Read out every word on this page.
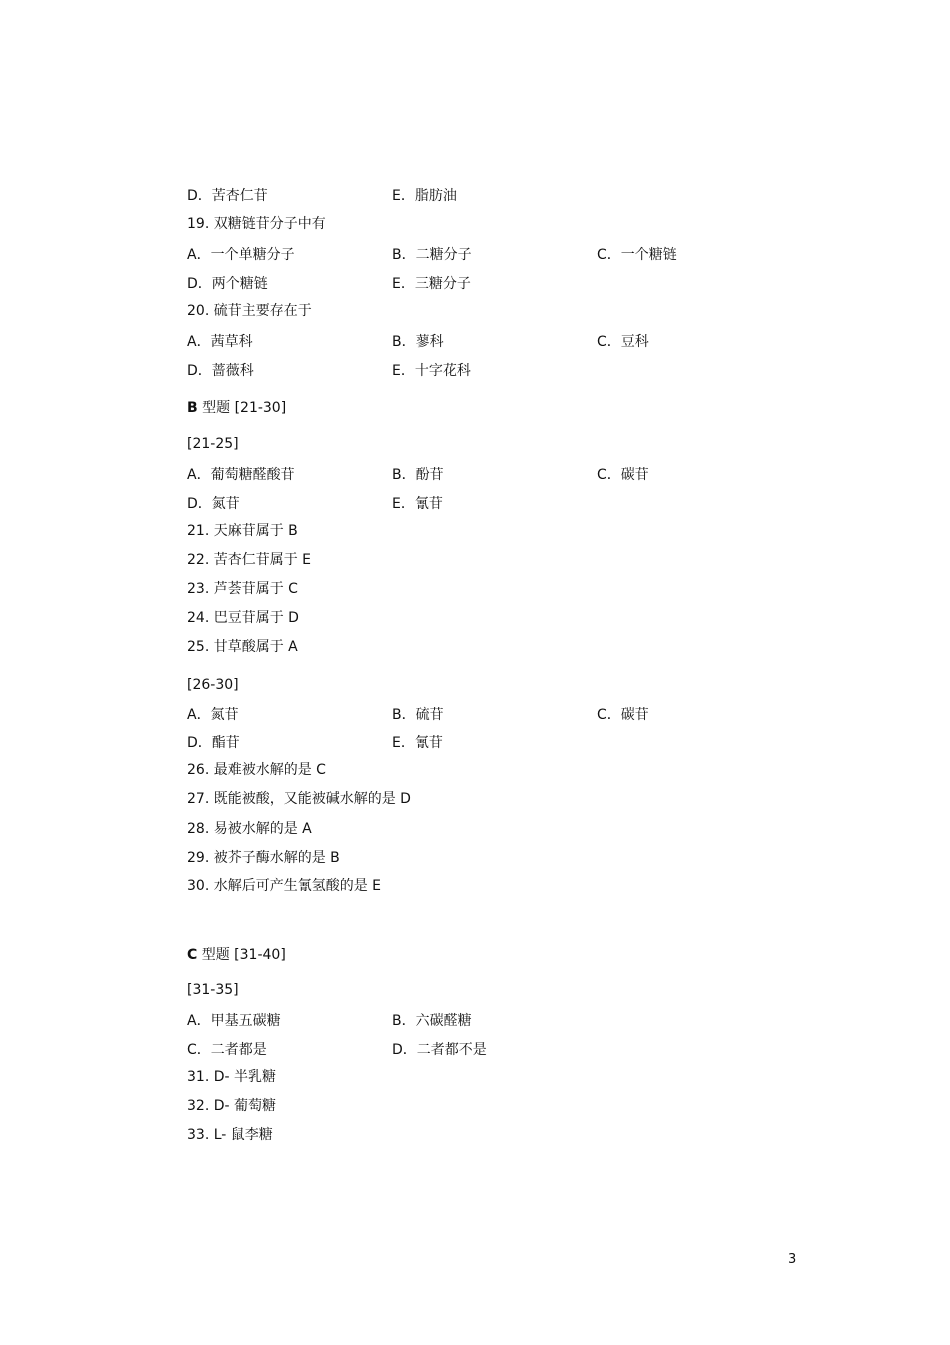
D．苦杏仁苷	E．脂肪油
19. 双糖链苷分子中有
A．一个单糖分子	B．二糖分子	C．一个糖链
D．两个糖链	E．三糖分子
20. 硫苷主要存在于
A．茜草科	B．蓼科	C．豆科
D．蔷薇科	E．十字花科
B 型题 [21-30]
[21-25]
A．葡萄糖醛酸苷	B．酚苷	C．碳苷
D．氮苷	E．氰苷
21. 天麻苷属于 B
22. 苦杏仁苷属于 E
23. 芦荟苷属于 C
24. 巴豆苷属于 D
25. 甘草酸属于 A
[26-30]
A．氮苷	B．硫苷	C．碳苷
D．酯苷	E．氰苷
26. 最难被水解的是 C
27. 既能被酸，又能被碱水解的是 D
28. 易被水解的是 A
29. 被芥子酶水解的是 B
30. 水解后可产生氰氢酸的是 E
C 型题 [31-40]
[31-35]
A．甲基五碳糖	B．六碳醛糖
C．二者都是	D．二者都不是
31. D- 半乳糖
32. D- 葡萄糖
33. L- 鼠李糖
3
